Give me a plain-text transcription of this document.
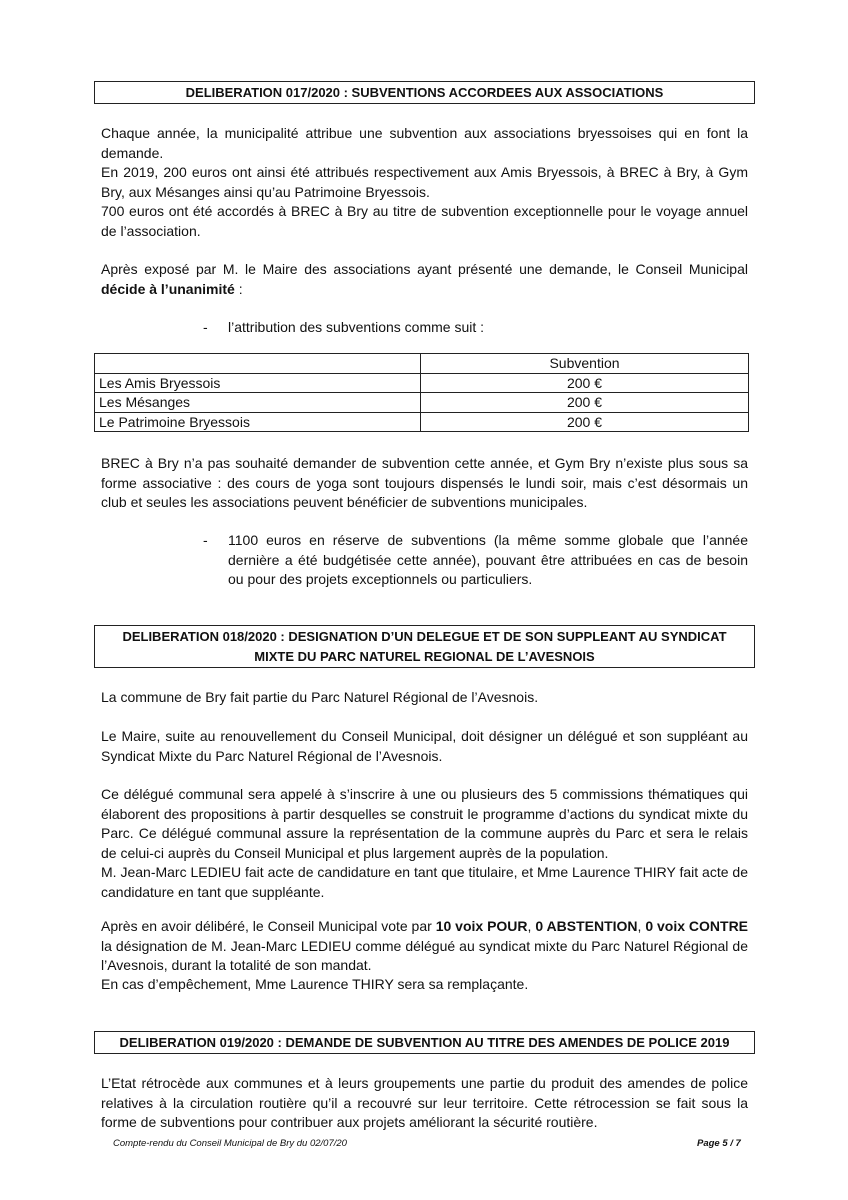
DELIBERATION 017/2020 : SUBVENTIONS ACCORDEES AUX ASSOCIATIONS

Chaque année, la municipalité attribue une subvention aux associations bryessoises qui en font la demande.

En 2019, 200 euros ont ainsi été attribués respectivement aux Amis Bryessois, à BREC à Bry, à Gym Bry, aux Mésanges ainsi qu’au Patrimoine Bryessois.

700 euros ont été accordés à BREC à Bry au titre de subvention exceptionnelle pour le voyage annuel de l’association.

Après exposé par M. le Maire des associations ayant présenté une demande, le Conseil Municipal décide à l’unanimité :

- l’attribution des subventions comme suit :

	Subvention
Les Amis Bryessois	200 €
Les Mésanges	200 €
Le Patrimoine Bryessois	200 €

BREC à Bry n’a pas souhaité demander de subvention cette année, et Gym Bry n’existe plus sous sa forme associative : des cours de yoga sont toujours dispensés le lundi soir, mais c’est désormais un club et seules les associations peuvent bénéficier de subventions municipales.

- 1100 euros en réserve de subventions (la même somme globale que l’année dernière a été budgétisée cette année), pouvant être attribuées en cas de besoin ou pour des projets exceptionnels ou particuliers.

DELIBERATION 018/2020 : DESIGNATION D’UN DELEGUE ET DE SON SUPPLEANT AU SYNDICAT
MIXTE DU PARC NATUREL REGIONAL DE L’AVESNOIS

La commune de Bry fait partie du Parc Naturel Régional de l’Avesnois.

Le Maire, suite au renouvellement du Conseil Municipal, doit désigner un délégué et son suppléant au Syndicat Mixte du Parc Naturel Régional de l’Avesnois.

Ce délégué communal sera appelé à s’inscrire à une ou plusieurs des 5 commissions thématiques qui élaborent des propositions à partir desquelles se construit le programme d’actions du syndicat mixte du Parc. Ce délégué communal assure la représentation de la commune auprès du Parc et sera le relais de celui-ci auprès du Conseil Municipal et plus largement auprès de la population.

M. Jean-Marc LEDIEU fait acte de candidature en tant que titulaire, et Mme Laurence THIRY fait acte de candidature en tant que suppléante.

Après en avoir délibéré, le Conseil Municipal vote par 10 voix POUR, 0 ABSTENTION, 0 voix CONTRE la désignation de M. Jean-Marc LEDIEU comme délégué au syndicat mixte du Parc Naturel Régional de l’Avesnois, durant la totalité de son mandat.

En cas d’empêchement, Mme Laurence THIRY sera sa remplaçante.

DELIBERATION 019/2020 : DEMANDE DE SUBVENTION AU TITRE DES AMENDES DE POLICE 2019

L’Etat rétrocède aux communes et à leurs groupements une partie du produit des amendes de police relatives à la circulation routière qu’il a recouvré sur leur territoire. Cette rétrocession se fait sous la forme de subventions pour contribuer aux projets améliorant la sécurité routière.

Compte-rendu du Conseil Municipal de Bry du 02/07/20	Page 5 / 7
